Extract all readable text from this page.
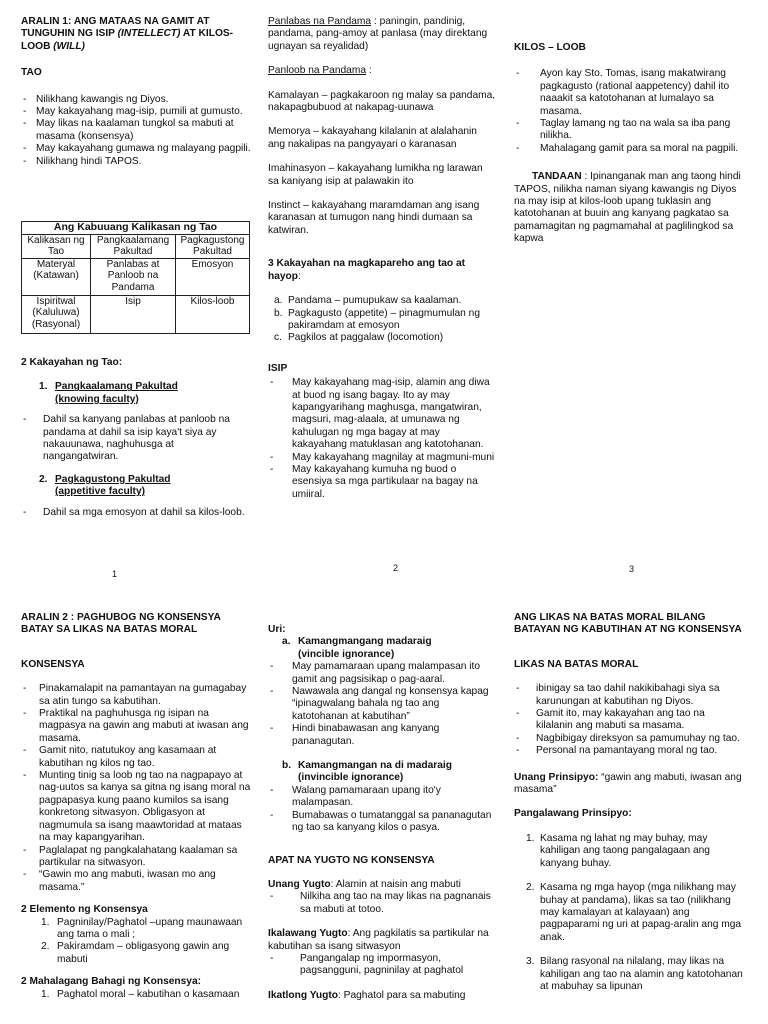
ARALIN 1: ANG MATAAS NA GAMIT AT TUNGUHIN NG ISIP (INTELLECT) AT KILOS-LOOB (WILL)

TAO

- Nilikhang kawangis ng Diyos.
- May kakayahang mag-isip, pumili at gumusto.
- May likas na kaalaman tungkol sa mabuti at masama (konsensya)
- May kakayahang gumawa ng malayang pagpili.
- Nilikhang hindi TAPOS.
Ang Kabuuang Kalikasan ng Tao		
Kalikasan ng Tao	Pangkaalamang Pakultad	Pagkagustong Pakultad
Materyal (Katawan)	Panlabas at Panloob na Pandama	Emosyon
Ispiritwal (Kaluluwa) (Rasyonal)	Isip	Kilos-loob

2 Kakayahan ng Tao:

1. Pangkaalamang Pakultad (knowing faculty)
- Dahil sa kanyang panlabas at panloob na pandama at dahil sa isip kaya't siya ay nakauunawa, naghuhusga at nangangatwiran.
2. Pagkagustong Pakultad (appetitive faculty)
- Dahil sa mga emosyon at dahil sa kilos-loob.
1

Panlabas na Pandama : paningin, pandinig, pandama, pang-amoy at panlasa (may direktang ugnayan sa reyalidad)

Panloob na Pandama :

Kamalayan – pagkakaroon ng malay sa pandama, nakapagbubuod at nakapag-uunawa

Memorya – kakayahang kilalanin at alalahanin ang nakalipas na pangyayari o karanasan

Imahinasyon – kakayahang lumikha ng larawan sa kaniyang isip at palawakin ito

Instinct – kakayahang maramdaman ang isang karanasan at tumugon nang hindi dumaan sa katwiran.

3 Kakayahan na magkapareho ang tao at hayop:

a. Pandama – pumupukaw sa kaalaman.
b. Pagkagusto (appetite) – pinagmumulan ng pakiramdam at emosyon
c. Pagkilos at paggalaw (locomotion)

ISIP

- May kakayahang mag-isip, alamin ang diwa at buod ng isang bagay. Ito ay may kapangyarihang maghusga, mangatwiran, magsuri, mag-alaala, at umunawa ng kahulugan ng mga bagay at may kakayahang matuklasan ang katotohanan.
- May kakayahang magnilay at magmuni-muni
- May kakayahang kumuha ng buod o esensiya sa mga partikulaar na bagay na umiiral.
2

KILOS – LOOB

- Ayon kay Sto. Tomas, isang makatwirang pagkagusto (rational aappetency) dahil ito naaakit sa katotohanan at lumalayo sa masama.
- Taglay lamang ng tao na wala sa iba pang nilikha.
- Mahalagang gamit para sa moral na pagpili.

TANDAAN : Ipinanganak man ang taong hindi TAPOS, nilikha naman siyang kawangis ng Diyos na may isip at kilos-loob upang tuklasin ang katotohanan at buuin ang kanyang pagkatao sa pamamagitan ng pagmamahal at paglilingkod sa kapwa

3

ARALIN 2 : PAGHUBOG NG KONSENSYA BATAY SA LIKAS NA BATAS MORAL

KONSENSYA

- Pinakamalapit na pamantayan na gumagabay sa atin tungo sa kabutihan.
- Praktikal na paghuhusga ng isipan na magpasya na gawin ang mabuti at iwasan ang masama.
- Gamit nito, natutukoy ang kasamaan at kabutihan ng kilos ng tao.
- Munting tinig sa loob ng tao na nagpapayo at nag-uutos sa kanya sa gitna ng isang moral na pagpapasya kung paano kumilos sa isang konkretong sitwasyon. Obligasyon at nagmumula sa isang maawtoridad at mataas na may kapangyarihan.
- Paglalapat ng pangkalahatang kaalaman sa partikular na sitwasyon.
- “Gawin mo ang mabuti, iwasan mo ang masama.”

2 Elemento ng Konsensya

1. Pagninilay/Paghatol –upang maunawaan ang tama o mali ;
2. Pakiramdam – obligasyong gawin ang mabuti

2 Mahalagang Bahagi ng Konsensya:

1. Paghatol moral – kabutihan o kasamaan

Uri:

a. Kamangmangang madaraig (vincible ignorance)
- May pamamaraan upang malampasan ito gamit ang pagsisikap o pag-aaral.
- Nawawala ang dangal ng konsensya kapag “ipinagwalang bahala ng tao ang katotohanan at kabutihan”
- Hindi binabawasan ang kanyang pananagutan.
b. Kamangmangan na di madaraig (invincible ignorance)
- Walang pamamaraan upang ito'y malampasan.
- Bumabawas o tumatanggal sa pananagutan ng tao sa kanyang kilos o pasya.

APAT NA YUGTO NG KONSENSYA

Unang Yugto: Alamin at naisin ang mabuti

- Nilkiha ang tao na may likas na pagnanais sa mabuti at totoo.

Ikalawang Yugto: Ang pagkilatis sa partikular na kabutihan sa isang sitwasyon

- Pangangalap ng impormasyon, pagsangguni, pagninilay at paghatol

Ikatlong Yugto: Paghatol para sa mabuting

ANG LIKAS NA BATAS MORAL BILANG BATAYAN NG KABUTIHAN AT NG KONSENSYA

LIKAS NA BATAS MORAL

- ibinigay sa tao dahil nakikibahagi siya sa karunungan at kabutihan ng Diyos.
- Gamit ito, may kakayahan ang tao na kilalanin ang mabuti sa masama.
- Nagbibigay direksyon sa pamumuhay ng tao.
- Personal na pamantayang moral ng tao.

Unang Prinsipyo: “gawin ang mabuti, iwasan ang masama”

Pangalawang Prinsipyo:

1. Kasama ng lahat ng may buhay, may kahiligan ang taong pangalagaan ang kanyang buhay.
2. Kasama ng mga hayop (mga nilikhang may buhay at pandama), likas sa tao (nilikhang may kamalayan at kalayaan) ang pagpaparami ng uri at papag-aralin ang mga anak.
3. Bilang rasyonal na nilalang, may likas na kahiligan ang tao na alamin ang katotohanan at mabuhay sa lipunan
